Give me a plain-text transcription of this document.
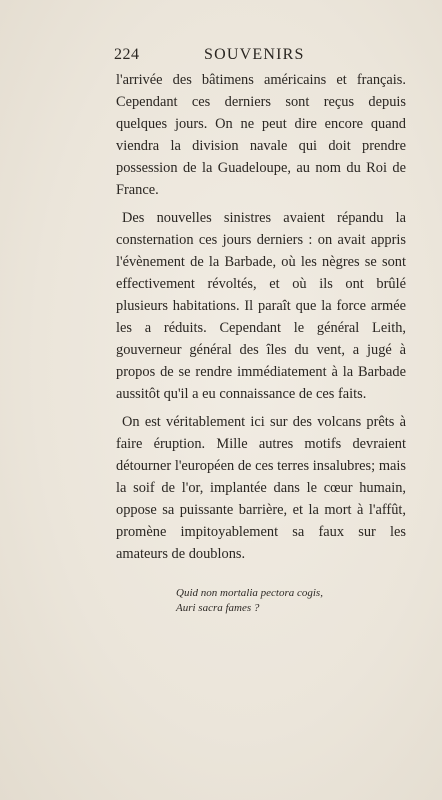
224	SOUVENIRS

l'arrivée des bâtimens américains et français. Cependant ces derniers sont reçus depuis quelques jours. On ne peut dire encore quand viendra la division navale qui doit prendre possession de la Guadeloupe, au nom du Roi de France.

Des nouvelles sinistres avaient répandu la consternation ces jours derniers : on avait appris l'évènement de la Barbade, où les nègres se sont effectivement révoltés, et où ils ont brûlé plusieurs habitations. Il paraît que la force armée les a réduits. Cependant le général Leith, gouverneur général des îles du vent, a jugé à propos de se rendre immédiatement à la Barbade aussitôt qu'il a eu connaissance de ces faits.

On est véritablement ici sur des volcans prêts à faire éruption. Mille autres motifs devraient détourner l'européen de ces terres insalubres; mais la soif de l'or, implantée dans le cœur humain, oppose sa puissante barrière, et la mort à l'affût, promène impitoyablement sa faux sur les amateurs de doublons.

Quid non mortalia pectora cogis,
Auri sacra fames ?
